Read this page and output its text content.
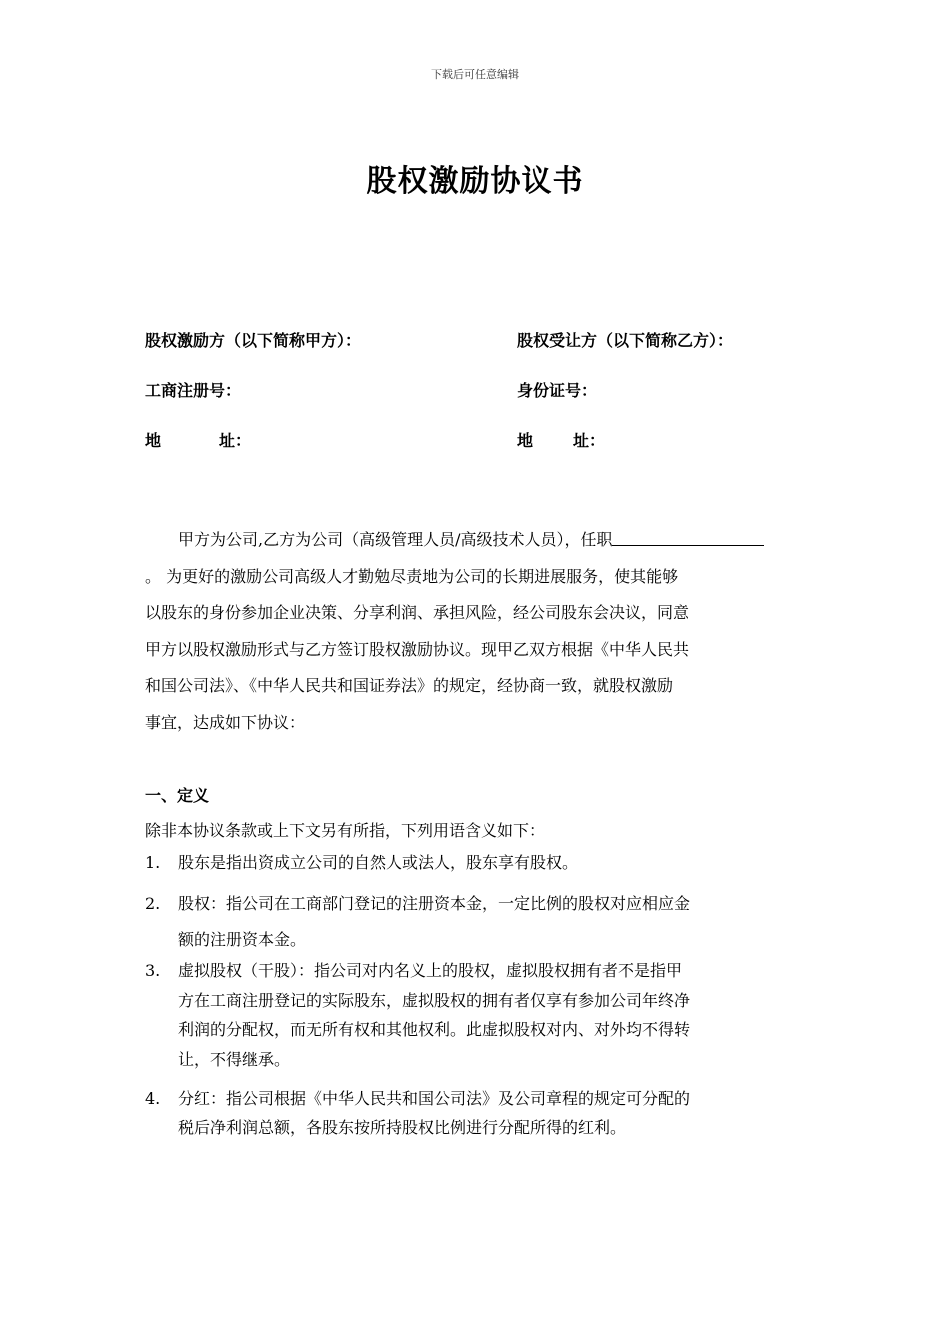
下载后可任意编辑
股权激励协议书
股权激励方（以下简称甲方）：
工商注册号：
地	址：
股权受让方（以下简称乙方）：
身份证号：
地	址：
甲方为公司,乙方为公司（高级管理人员/高级技术人员），任职
。 为更好的激励公司高级人才勤勉尽责地为公司的长期进展服务，使其能够
以股东的身份参加企业决策、分享利润、承担风险，经公司股东会决议，同意
甲方以股权激励形式与乙方签订股权激励协议。现甲乙双方根据《中华人民共
和国公司法》、《中华人民共和国证券法》的规定，经协商一致，就股权激励
事宜，达成如下协议：
一、定义
除非本协议条款或上下文另有所指，下列用语含义如下：
1. 股东是指出资成立公司的自然人或法人，股东享有股权。
2. 股权：指公司在工商部门登记的注册资本金，一定比例的股权对应相应金
额的注册资本金。
3. 虚拟股权（干股）：指公司对内名义上的股权，虚拟股权拥有者不是指甲
方在工商注册登记的实际股东，虚拟股权的拥有者仅享有参加公司年终净
利润的分配权，而无所有权和其他权利。此虚拟股权对内、对外均不得转
让，不得继承。
4. 分红：指公司根据《中华人民共和国公司法》及公司章程的规定可分配的
税后净利润总额，各股东按所持股权比例进行分配所得的红利。
